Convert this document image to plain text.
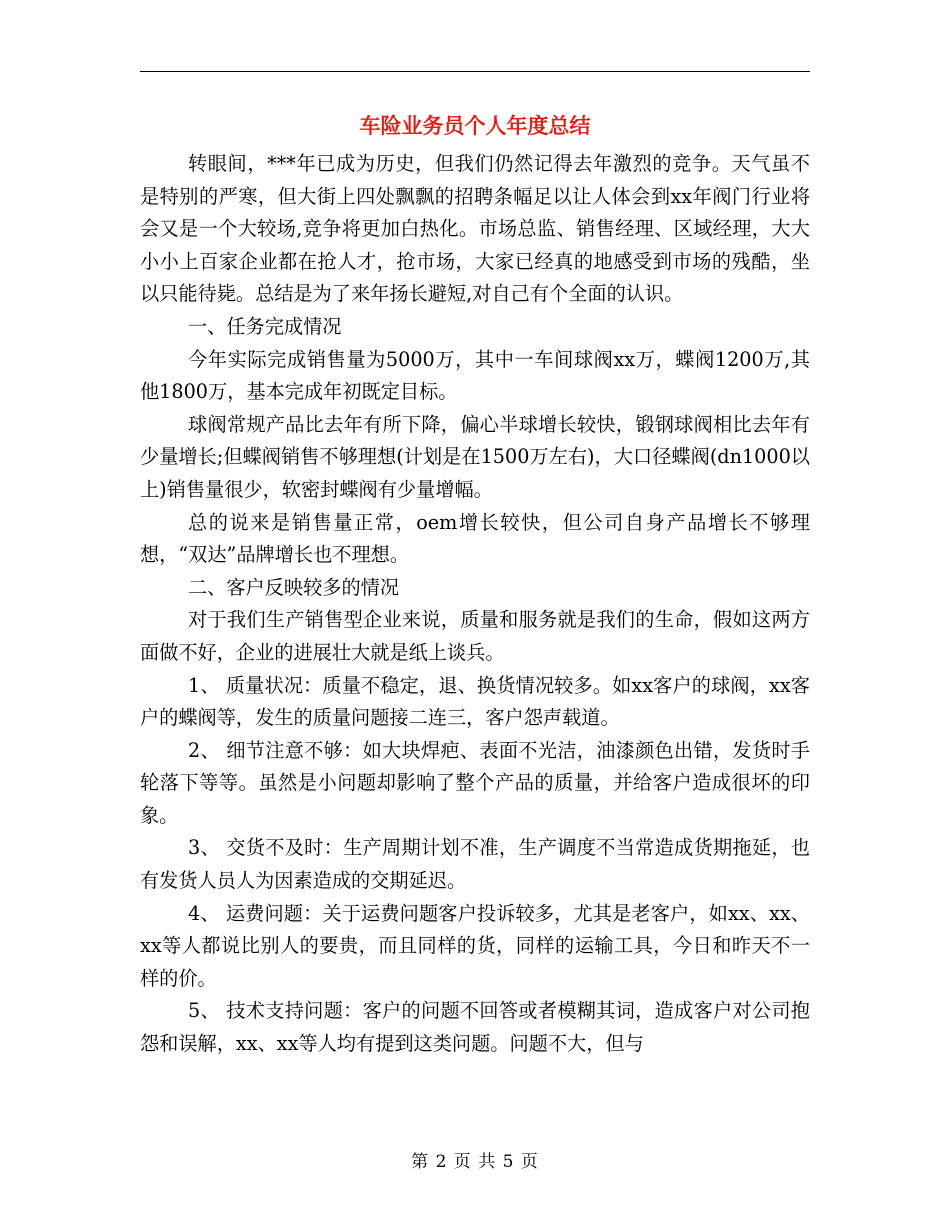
车险业务员个人年度总结

转眼间，***年已成为历史，但我们仍然记得去年激烈的竞争。天气虽不是特别的严寒，但大街上四处飘飘的招聘条幅足以让人体会到xx年阀门行业将会又是一个大较场,竞争将更加白热化。市场总监、销售经理、区域经理，大大小小上百家企业都在抢人才，抢市场，大家已经真的地感受到市场的残酷，坐以只能待毙。总结是为了来年扬长避短,对自己有个全面的认识。

一、任务完成情况

今年实际完成销售量为5000万，其中一车间球阀xx万，蝶阀1200万,其他1800万，基本完成年初既定目标。

球阀常规产品比去年有所下降，偏心半球增长较快，锻钢球阀相比去年有少量增长;但蝶阀销售不够理想(计划是在1500万左右)，大口径蝶阀(dn1000以上)销售量很少，软密封蝶阀有少量增幅。

总的说来是销售量正常，oem增长较快，但公司自身产品增长不够理想，“双达”品牌增长也不理想。

二、客户反映较多的情况

对于我们生产销售型企业来说，质量和服务就是我们的生命，假如这两方面做不好，企业的进展壮大就是纸上谈兵。

1、 质量状况：质量不稳定，退、换货情况较多。如xx客户的球阀，xx客户的蝶阀等，发生的质量问题接二连三，客户怨声载道。

2、 细节注意不够：如大块焊疤、表面不光洁，油漆颜色出错，发货时手轮落下等等。虽然是小问题却影响了整个产品的质量，并给客户造成很坏的印象。

3、 交货不及时：生产周期计划不准，生产调度不当常造成货期拖延，也有发货人员人为因素造成的交期延迟。

4、 运费问题：关于运费问题客户投诉较多，尤其是老客户，如xx、xx、xx等人都说比别人的要贵，而且同样的货，同样的运输工具，今日和昨天不一样的价。

5、 技术支持问题：客户的问题不回答或者模糊其词，造成客户对公司抱怨和误解，xx、xx等人均有提到这类问题。问题不大，但与

第 2 页 共 5 页
